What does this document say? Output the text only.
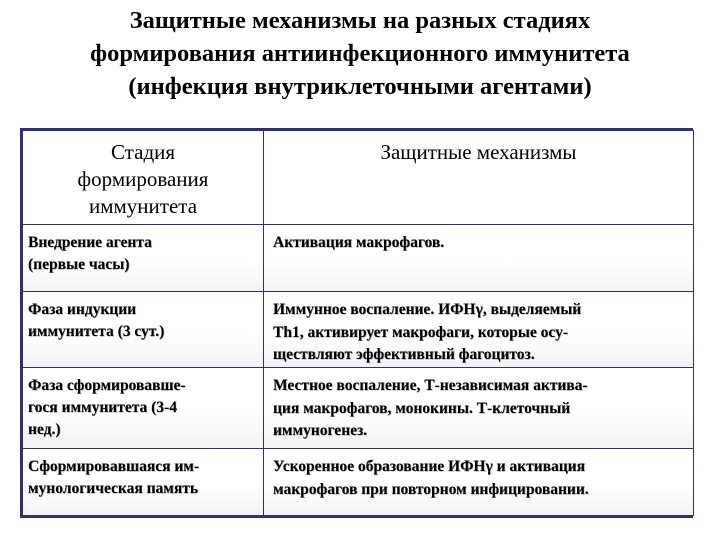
Защитные механизмы на разных стадиях
формирования антиинфекционного иммунитета
(инфекция внутриклеточными агентами)
Стадия
формирования
иммунитета	Защитные механизмы

Внедрение агента
(первые часы)	Активация макрофагов.

Фаза индукции
иммунитета (3 сут.)	Иммунное воспаление. ИФНγ, выделяемый
Th1, активирует макрофаги, которые осу-
ществляют эффективный фагоцитоз.

Фаза сформировавше-
гося иммунитета (3-4
нед.)	Местное воспаление, Т-независимая актива-
ция макрофагов, монокины. Т-клеточный
иммуногенез.

Сформировавшаяся им-
мунологическая память	Ускоренное образование ИФНγ и активация
макрофагов при повторном инфицировании.
